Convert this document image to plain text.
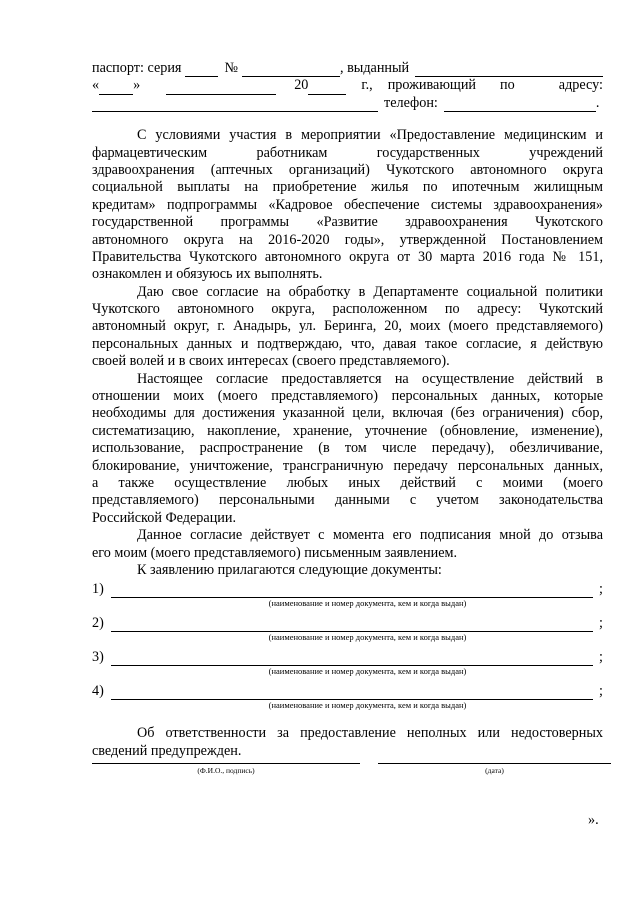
паспорт: серия	№	, выданный
« »	20	г., проживающий по	адресу:
телефон:	.
С условиями участия в мероприятии «Предоставление медицинским и
фармацевтическим работникам государственных учреждений
здравоохранения (аптечных организаций) Чукотского автономного округа
социальной выплаты на приобретение жилья по ипотечным жилищным
кредитам» подпрограммы «Кадровое обеспечение системы здравоохранения»
государственной программы «Развитие здравоохранения Чукотского
автономного округа на 2016-2020 годы», утвержденной Постановлением
Правительства Чукотского автономного округа от 30 марта 2016 года № 151,
ознакомлен и обязуюсь их выполнять.
Даю свое согласие на обработку в Департаменте социальной политики
Чукотского автономного округа, расположенном по адресу: Чукотский
автономный округ, г. Анадырь, ул. Беринга, 20, моих (моего представляемого)
персональных данных и подтверждаю, что, давая такое согласие, я действую
своей волей и в своих интересах (своего представляемого).
Настоящее согласие предоставляется на осуществление действий в
отношении моих (моего представляемого) персональных данных, которые
необходимы для достижения указанной цели, включая (без ограничения) сбор,
систематизацию, накопление, хранение, уточнение (обновление, изменение),
использование, распространение (в том числе передачу), обезличивание,
блокирование, уничтожение, трансграничную передачу персональных данных,
а также осуществление любых иных действий с моими (моего
представляемого) персональными данными с учетом законодательства
Российской Федерации.
Данное согласие действует с момента его подписания мной до отзыва
его моим (моего представляемого) письменным заявлением.
К заявлению прилагаются следующие документы:
1)	;
(наименование и номер документа, кем и когда выдан)
2)	;
(наименование и номер документа, кем и когда выдан)
3)	;
(наименование и номер документа, кем и когда выдан)
4)	;
(наименование и номер документа, кем и когда выдан)
Об ответственности за предоставление неполных или недостоверных
сведений предупрежден.
(Ф.И.О., подпись)	(дата)
».
